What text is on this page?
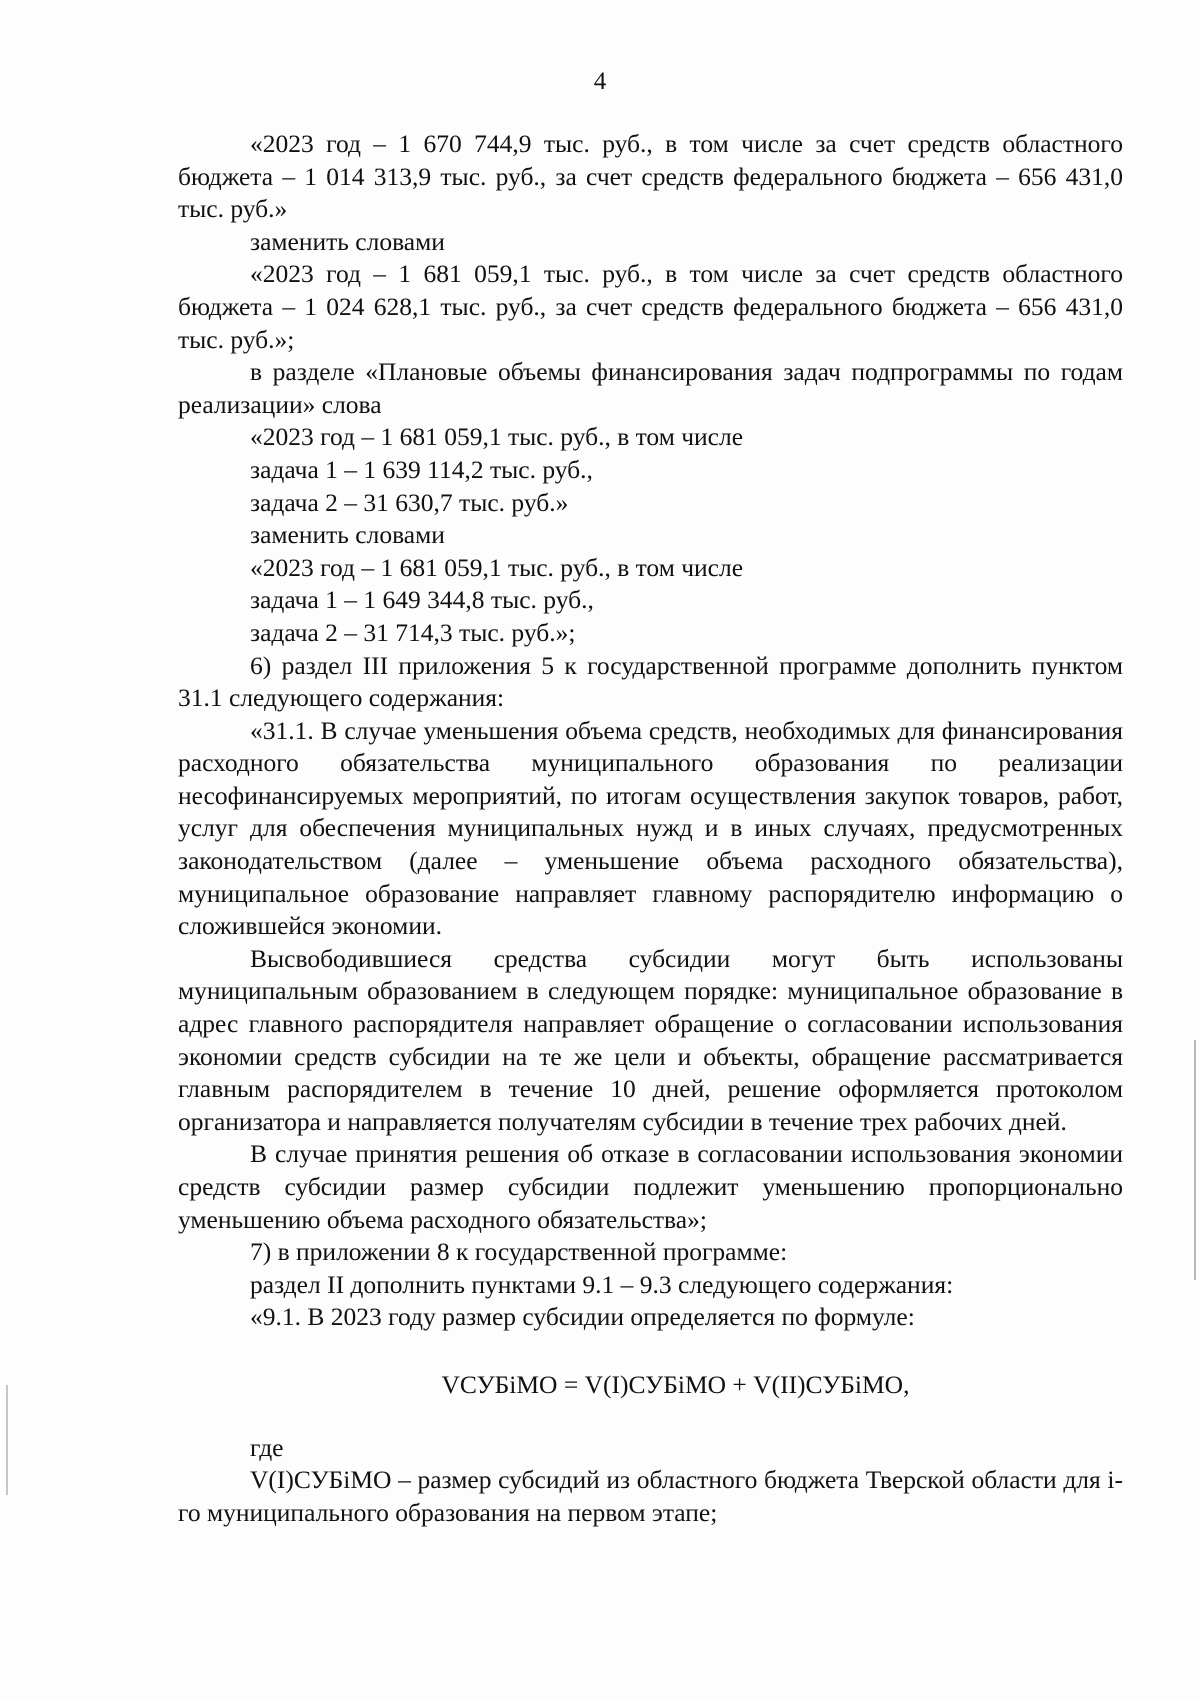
4

«2023 год – 1 670 744,9 тыс. руб., в том числе за счет средств областного бюджета – 1 014 313,9 тыс. руб., за счет средств федерального бюджета – 656 431,0 тыс. руб.»

заменить словами

«2023 год – 1 681 059,1 тыс. руб., в том числе за счет средств областного бюджета – 1 024 628,1 тыс. руб., за счет средств федерального бюджета – 656 431,0 тыс. руб.»;

в разделе «Плановые объемы финансирования задач подпрограммы по годам реализации» слова

«2023 год – 1 681 059,1 тыс. руб., в том числе

задача 1 – 1 639 114,2 тыс. руб.,

задача 2 – 31 630,7 тыс. руб.»

заменить словами

«2023 год – 1 681 059,1 тыс. руб., в том числе

задача 1 – 1 649 344,8 тыс. руб.,

задача 2 – 31 714,3 тыс. руб.»;

6) раздел III приложения 5 к государственной программе дополнить пунктом 31.1 следующего содержания:

«31.1. В случае уменьшения объема средств, необходимых для финансирования расходного обязательства муниципального образования по реализации несофинансируемых мероприятий, по итогам осуществления закупок товаров, работ, услуг для обеспечения муниципальных нужд и в иных случаях, предусмотренных законодательством (далее – уменьшение объема расходного обязательства), муниципальное образование направляет главному распорядителю информацию о сложившейся экономии.

Высвободившиеся средства субсидии могут быть использованы муниципальным образованием в следующем порядке: муниципальное образование в адрес главного распорядителя направляет обращение о согласовании использования экономии средств субсидии на те же цели и объекты, обращение рассматривается главным распорядителем в течение 10 дней, решение оформляется протоколом организатора и направляется получателям субсидии в течение трех рабочих дней.

В случае принятия решения об отказе в согласовании использования экономии средств субсидии размер субсидии подлежит уменьшению пропорционально уменьшению объема расходного обязательства»;

7) в приложении 8 к государственной программе:

раздел II дополнить пунктами 9.1 – 9.3 следующего содержания:

«9.1. В 2023 году размер субсидии определяется по формуле:

VСУБiМО = V(I)СУБiМО + V(II)СУБiМО,

где

V(I)СУБiМО – размер субсидий из областного бюджета Тверской области для i-го муниципального образования на первом этапе;
